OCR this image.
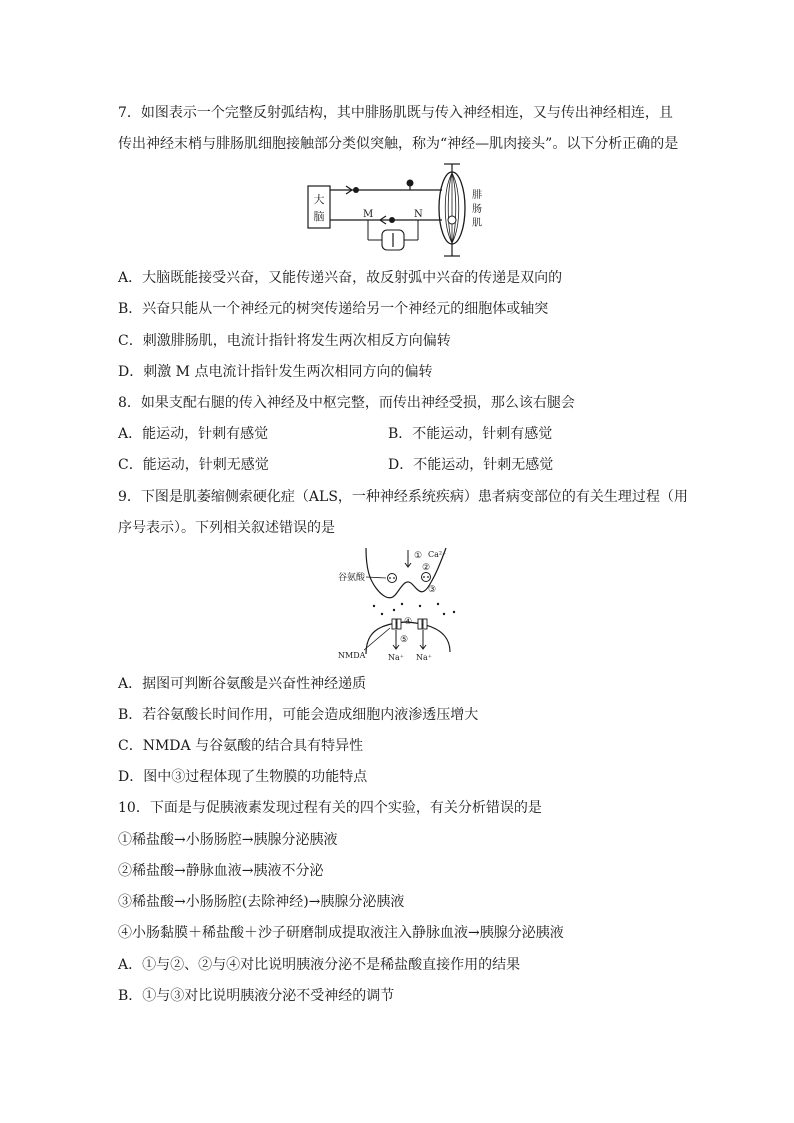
7．如图表示一个完整反射弧结构，其中腓肠肌既与传入神经相连，又与传出神经相连，且
传出神经末梢与腓肠肌细胞接触部分类似突触，称为“神经—肌肉接头”。以下分析正确的是
大
脑	M	N
腓
肠
肌
A．大脑既能接受兴奋，又能传递兴奋，故反射弧中兴奋的传递是双向的
B．兴奋只能从一个神经元的树突传递给另一个神经元的细胞体或轴突
C．刺激腓肠肌，电流计指针将发生两次相反方向偏转
D．刺激 M 点电流计指针发生两次相同方向的偏转
8．如果支配右腿的传入神经及中枢完整，而传出神经受损，那么该右腿会
A．能运动，针刺有感觉	B．不能运动，针刺有感觉
C．能运动，针刺无感觉	D．不能运动，针刺无感觉
9．下图是肌萎缩侧索硬化症（ALS，一种神经系统疾病）患者病变部位的有关生理过程（用
序号表示）。下列相关叙述错误的是
① Ca²⁺
②
谷氨酸
③
④
⑤
NMDA	Na⁺ Na⁺
A．据图可判断谷氨酸是兴奋性神经递质
B．若谷氨酸长时间作用，可能会造成细胞内液渗透压增大
C．NMDA 与谷氨酸的结合具有特异性
D．图中③过程体现了生物膜的功能特点
10．下面是与促胰液素发现过程有关的四个实验，有关分析错误的是
①稀盐酸→小肠肠腔→胰腺分泌胰液
②稀盐酸→静脉血液→胰液不分泌
③稀盐酸→小肠肠腔(去除神经)→胰腺分泌胰液
④小肠黏膜＋稀盐酸＋沙子研磨制成提取液注入静脉血液→胰腺分泌胰液
A．①与②、②与④对比说明胰液分泌不是稀盐酸直接作用的结果
B．①与③对比说明胰液分泌不受神经的调节
